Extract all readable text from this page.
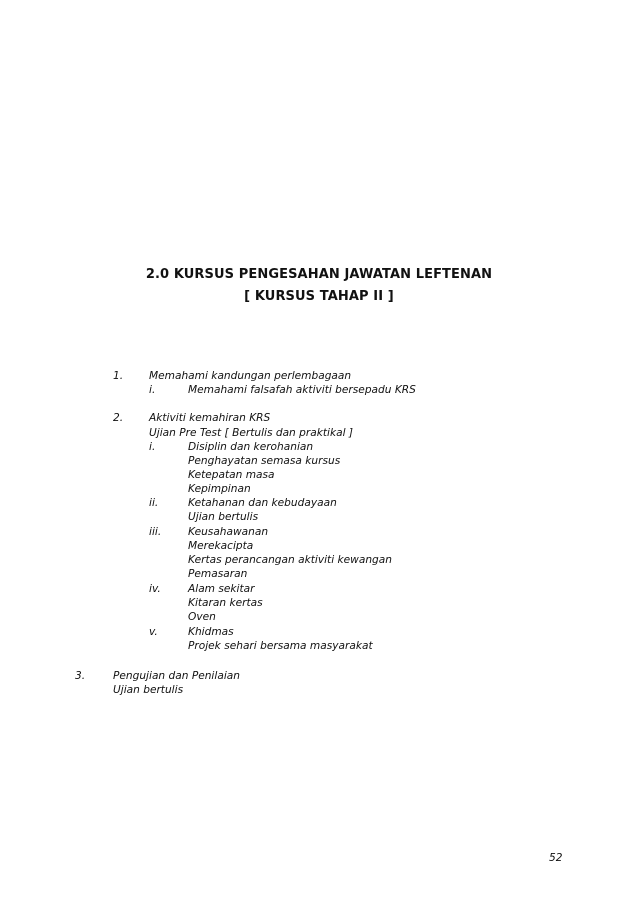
2.0 KURSUS PENGESAHAN JAWATAN LEFTENAN
[ KURSUS TAHAP II ]
1. Memahami kandungan perlembagaan
i.	Memahami falsafah aktiviti bersepadu KRS
2. Aktiviti kemahiran KRS
Ujian Pre Test [ Bertulis dan praktikal ]
i.	Disiplin dan kerohanian
Penghayatan semasa kursus
Ketepatan masa
Kepimpinan
ii.	Ketahanan dan kebudayaan
Ujian bertulis
iii.	Keusahawanan
Merekacipta
Kertas perancangan aktiviti kewangan
Pemasaran
iv.	Alam sekitar
Kitaran kertas
Oven
v.	Khidmas
Projek sehari bersama masyarakat
3.	Pengujian dan Penilaian
Ujian bertulis
52
